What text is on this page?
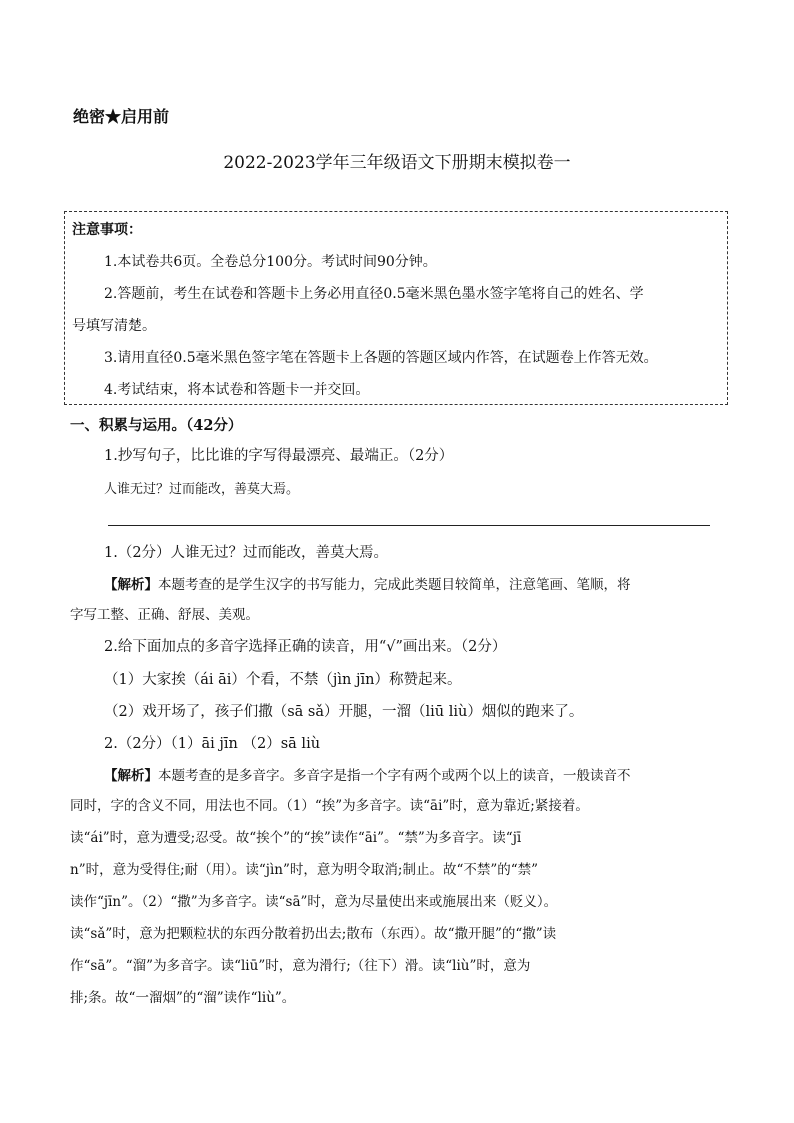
绝密★启用前
2022-2023学年三年级语文下册期末模拟卷一
注意事项：
1.本试卷共6页。全卷总分100分。考试时间90分钟。
2.答题前，考生在试卷和答题卡上务必用直径0.5毫米黑色墨水签字笔将自己的姓名、学
号填写清楚。
3.请用直径0.5毫米黑色签字笔在答题卡上各题的答题区域内作答，在试题卷上作答无效。
4.考试结束，将本试卷和答题卡一并交回。
一、积累与运用。（42分）
1.抄写句子，比比谁的字写得最漂亮、最端正。（2分）
人谁无过？过而能改，善莫大焉。
1.（2分）人谁无过？过而能改，善莫大焉。
【解析】本题考查的是学生汉字的书写能力，完成此类题目较简单，注意笔画、笔顺，将
字写工整、正确、舒展、美观。
2.给下面加点的多音字选择正确的读音，用“√”画出来。（2分）
（1）大家挨（ái āi）个看，不禁（jìn jīn）称赞起来。
（2）戏开场了，孩子们撒（sā sǎ）开腿，一溜（liū liù）烟似的跑来了。
2.（2分）（1）āi jīn （2）sā liù
【解析】本题考查的是多音字。多音字是指一个字有两个或两个以上的读音，一般读音不
同时，字的含义不同，用法也不同。（1）“挨”为多音字。读“āi”时，意为靠近;紧接着。
读“ái”时，意为遭受;忍受。故“挨个”的“挨”读作“āi”。“禁”为多音字。读“jī
n”时，意为受得住;耐（用）。读“jìn”时，意为明令取消;制止。故“不禁”的“禁”
读作“jīn”。（2）“撒”为多音字。读“sā”时，意为尽量使出来或施展出来（贬义）。
读“sǎ”时，意为把颗粒状的东西分散着扔出去;散布（东西）。故“撒开腿”的“撒”读
作“sā”。“溜”为多音字。读“liū”时，意为滑行;（往下）滑。读“liù”时，意为
排;条。故“一溜烟”的“溜”读作“liù”。
